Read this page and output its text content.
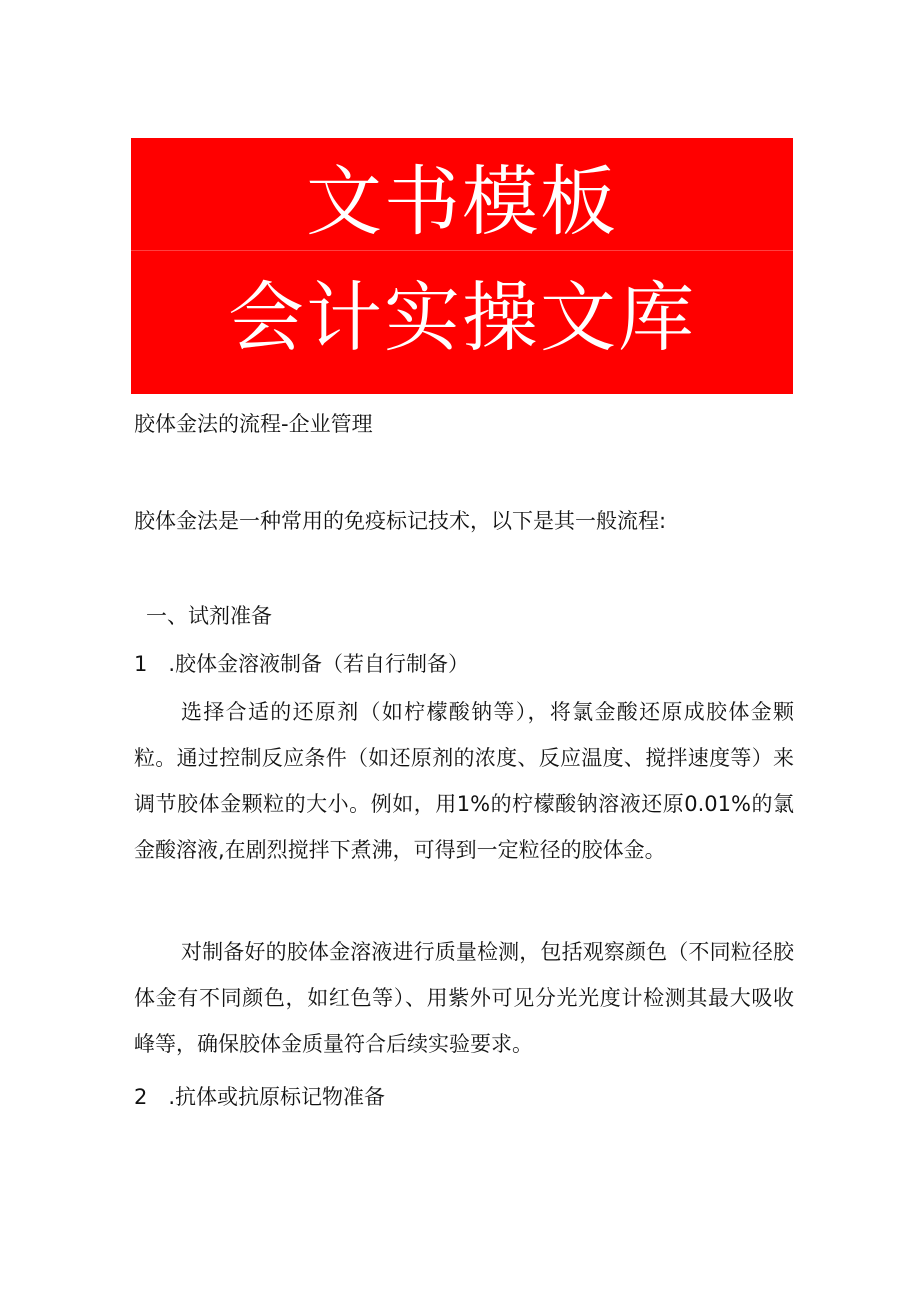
文书模板
会计实操文库
胶体金法的流程-企业管理
胶体金法是一种常用的免疫标记技术，以下是其一般流程:
一、试剂准备
1 .胶体金溶液制备（若自行制备）

选择合适的还原剂（如柠檬酸钠等），将氯金酸还原成胶体金颗粒。通过控制反应条件（如还原剂的浓度、反应温度、搅拌速度等）来调节胶体金颗粒的大小。例如，用1%的柠檬酸钠溶液还原0.01%的氯金酸溶液,在剧烈搅拌下煮沸，可得到一定粒径的胶体金。

对制备好的胶体金溶液进行质量检测，包括观察颜色（不同粒径胶体金有不同颜色，如红色等）、用紫外可见分光光度计检测其最大吸收峰等，确保胶体金质量符合后续实验要求。

2 .抗体或抗原标记物准备
